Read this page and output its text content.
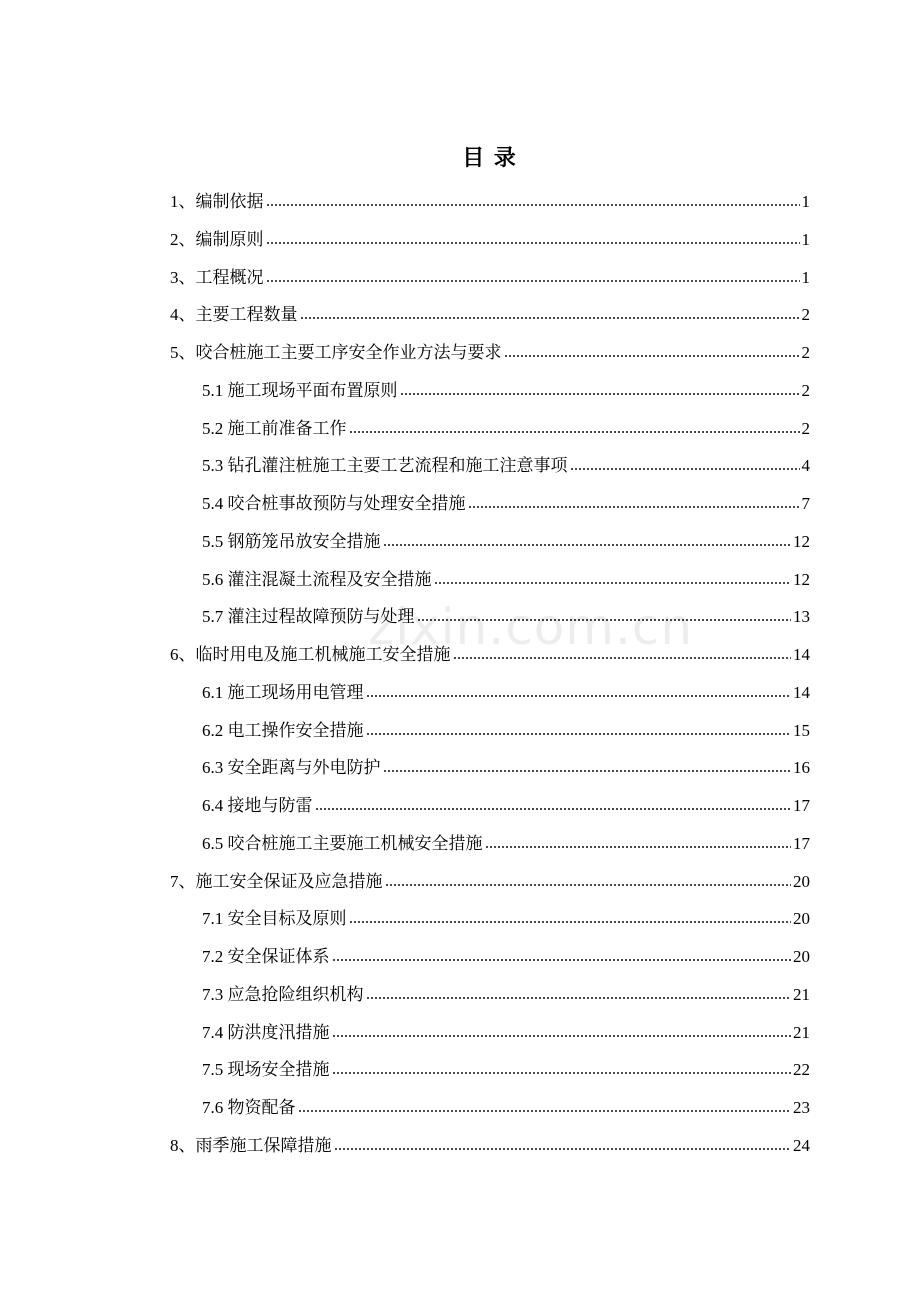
目 录
1、编制依据	1
2、编制原则	1
3、工程概况	1
4、主要工程数量	2
5、咬合桩施工主要工序安全作业方法与要求	2
5.1 施工现场平面布置原则	2
5.2 施工前准备工作	2
5.3 钻孔灌注桩施工主要工艺流程和施工注意事项	4
5.4 咬合桩事故预防与处理安全措施	7
5.5 钢筋笼吊放安全措施	12
5.6 灌注混凝土流程及安全措施	12
5.7 灌注过程故障预防与处理	13
6、临时用电及施工机械施工安全措施	14
6.1 施工现场用电管理	14
6.2 电工操作安全措施	15
6.3 安全距离与外电防护	16
6.4 接地与防雷	17
6.5 咬合桩施工主要施工机械安全措施	17
7、施工安全保证及应急措施	20
7.1 安全目标及原则	20
7.2 安全保证体系	20
7.3 应急抢险组织机构	21
7.4 防洪度汛措施	21
7.5 现场安全措施	22
7.6 物资配备	23
8、雨季施工保障措施	24
zixin.com.cn
